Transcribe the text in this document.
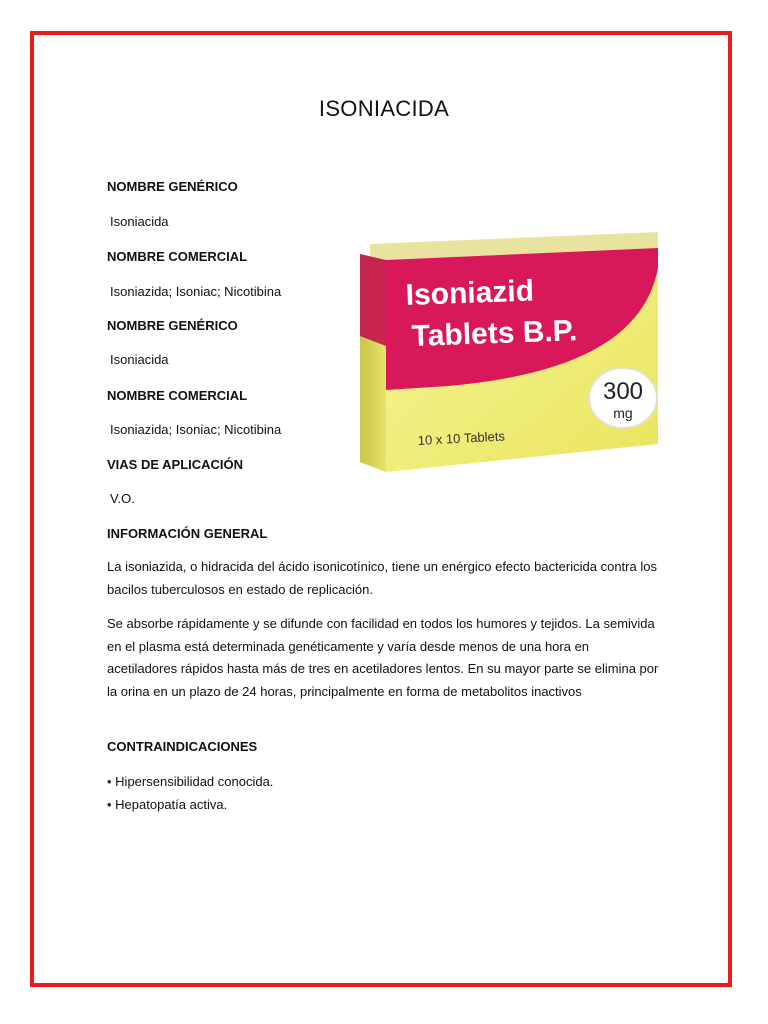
ISONIACIDA
NOMBRE GENÉRICO
Isoniacida
NOMBRE COMERCIAL
Isoniazida; Isoniac; Nicotibina
NOMBRE GENÉRICO
Isoniacida
NOMBRE COMERCIAL
Isoniazida; Isoniac; Nicotibina
VIAS DE APLICACIÓN
V.O.
INFORMACIÓN GENERAL
La isoniazida, o hidracida del ácido isonicotínico, tiene un enérgico efecto bactericida contra los bacilos tuberculosos en estado de replicación.
Se absorbe rápidamente y se difunde con facilidad en todos los humores y tejidos. La semivida en el plasma está determinada genéticamente y varía desde menos de una hora en acetiladores rápidos hasta más de tres en acetiladores lentos. En su mayor parte se elimina por la orina en un plazo de 24 horas, principalmente en forma de metabolitos inactivos
CONTRAINDICACIONES
• Hipersensibilidad conocida.
• Hepatopatía activa.
Isoniazid
Tablets B.P.
300
mg
10 x 10 Tablets
